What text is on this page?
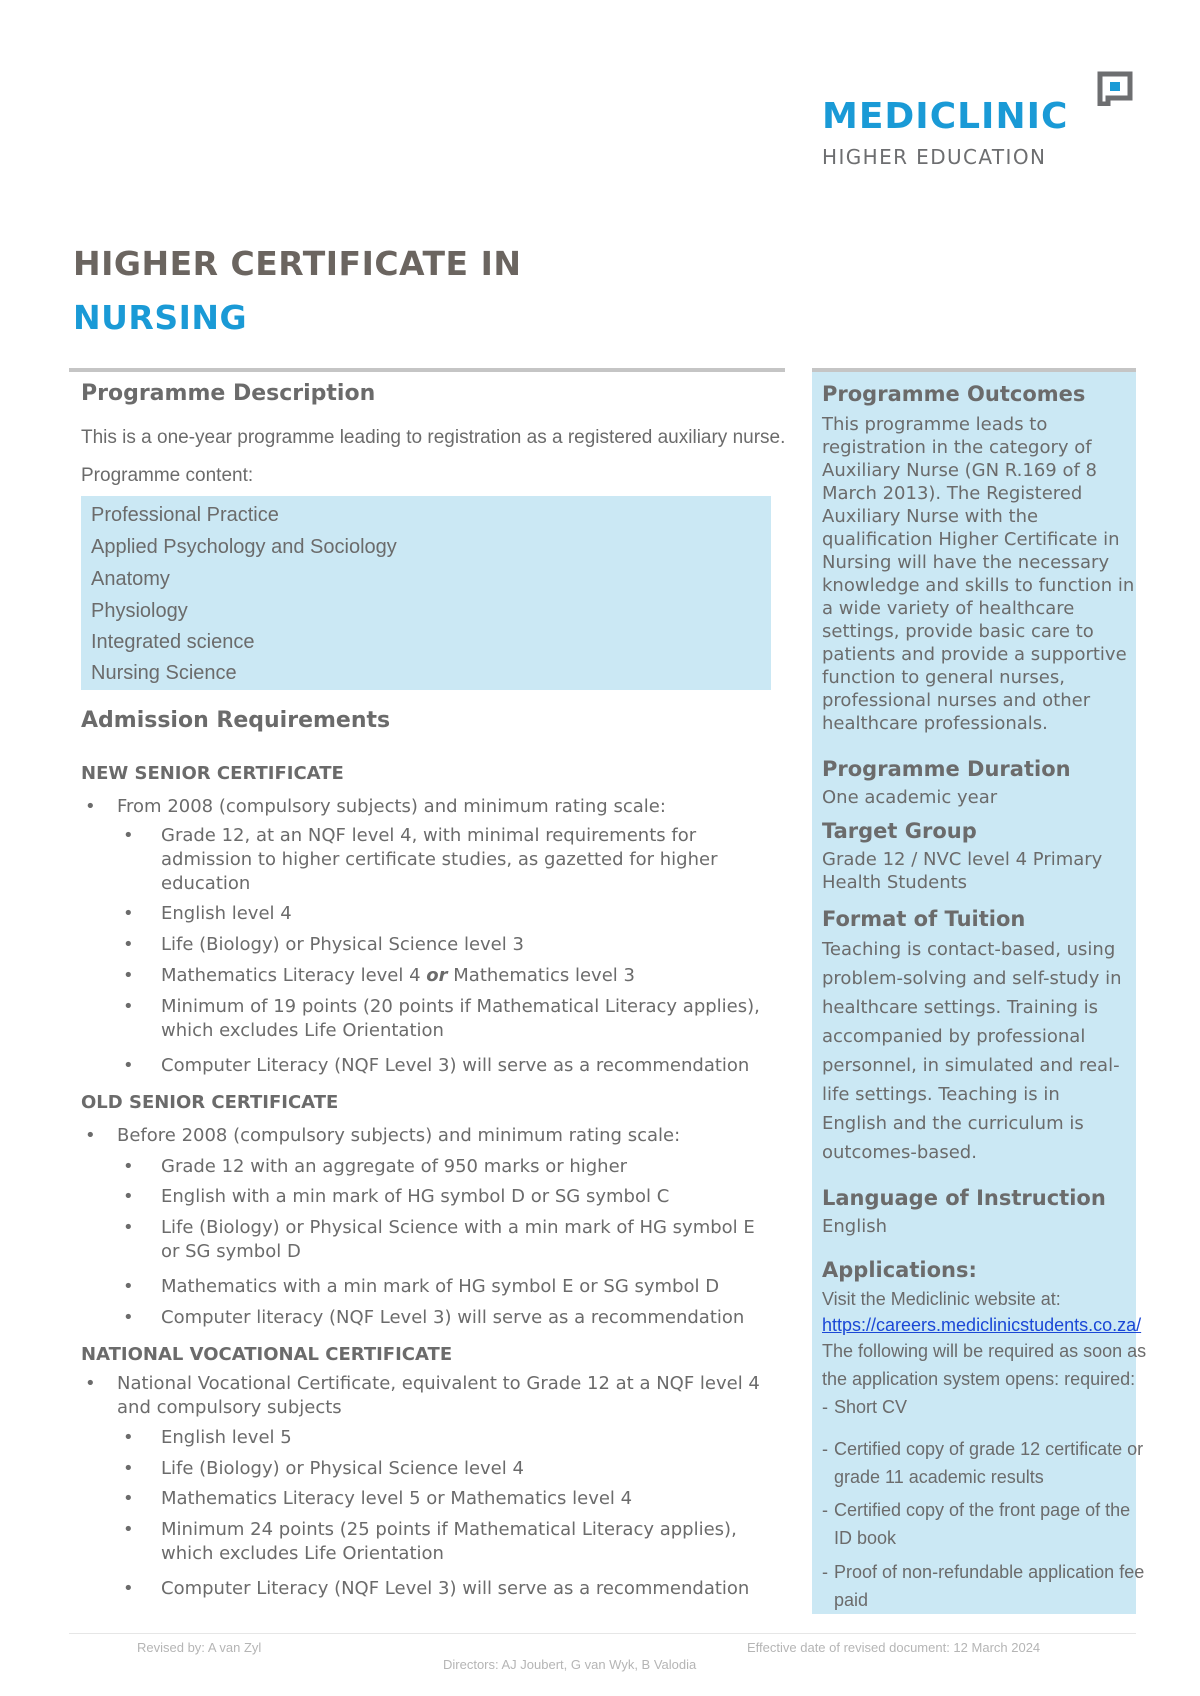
MEDICLINIC
HIGHER EDUCATION
HIGHER CERTIFICATE IN
NURSING
Programme Description
This is a one-year programme leading to registration as a registered auxiliary nurse.
Programme content:
Professional Practice
Applied Psychology and Sociology
Anatomy
Physiology
Integrated science
Nursing Science
Admission Requirements
NEW SENIOR CERTIFICATE
• From 2008 (compulsory subjects) and minimum rating scale:
• Grade 12, at an NQF level 4, with minimal requirements for admission to higher certificate studies, as gazetted for higher education
• English level 4
• Life (Biology) or Physical Science level 3
• Mathematics Literacy level 4 or Mathematics level 3
• Minimum of 19 points (20 points if Mathematical Literacy applies), which excludes Life Orientation
• Computer Literacy (NQF Level 3) will serve as a recommendation
OLD SENIOR CERTIFICATE
• Before 2008 (compulsory subjects) and minimum rating scale:
• Grade 12 with an aggregate of 950 marks or higher
• English with a min mark of HG symbol D or SG symbol C
• Life (Biology) or Physical Science with a min mark of HG symbol E or SG symbol D
• Mathematics with a min mark of HG symbol E or SG symbol D
• Computer literacy (NQF Level 3) will serve as a recommendation
NATIONAL VOCATIONAL CERTIFICATE
• National Vocational Certificate, equivalent to Grade 12 at a NQF level 4 and compulsory subjects
• English level 5
• Life (Biology) or Physical Science level 4
• Mathematics Literacy level 5 or Mathematics level 4
• Minimum 24 points (25 points if Mathematical Literacy applies), which excludes Life Orientation
• Computer Literacy (NQF Level 3) will serve as a recommendation
Programme Outcomes
This programme leads to
registration in the category of
Auxiliary Nurse (GN R.169 of 8
March 2013). The Registered
Auxiliary Nurse with the
qualification Higher Certificate in
Nursing will have the necessary
knowledge and skills to function in
a wide variety of healthcare
settings, provide basic care to
patients and provide a supportive
function to general nurses,
professional nurses and other
healthcare professionals.
Programme Duration
One academic year
Target Group
Grade 12 / NVC level 4 Primary
Health Students
Format of Tuition
Teaching is contact-based, using
problem-solving and self-study in
healthcare settings. Training is
accompanied by professional
personnel, in simulated and real-
life settings. Teaching is in
English and the curriculum is
outcomes-based.
Language of Instruction
English
Applications:
Visit the Mediclinic website at:
https://careers.mediclinicstudents.co.za/
The following will be required as soon as
the application system opens: required:
- Short CV
- Certified copy of grade 12 certificate or
grade 11 academic results
- Certified copy of the front page of the
ID book
- Proof of non-refundable application fee
paid
Revised by: A van Zyl	Effective date of revised document: 12 March 2024
Directors: AJ Joubert, G van Wyk, B Valodia
